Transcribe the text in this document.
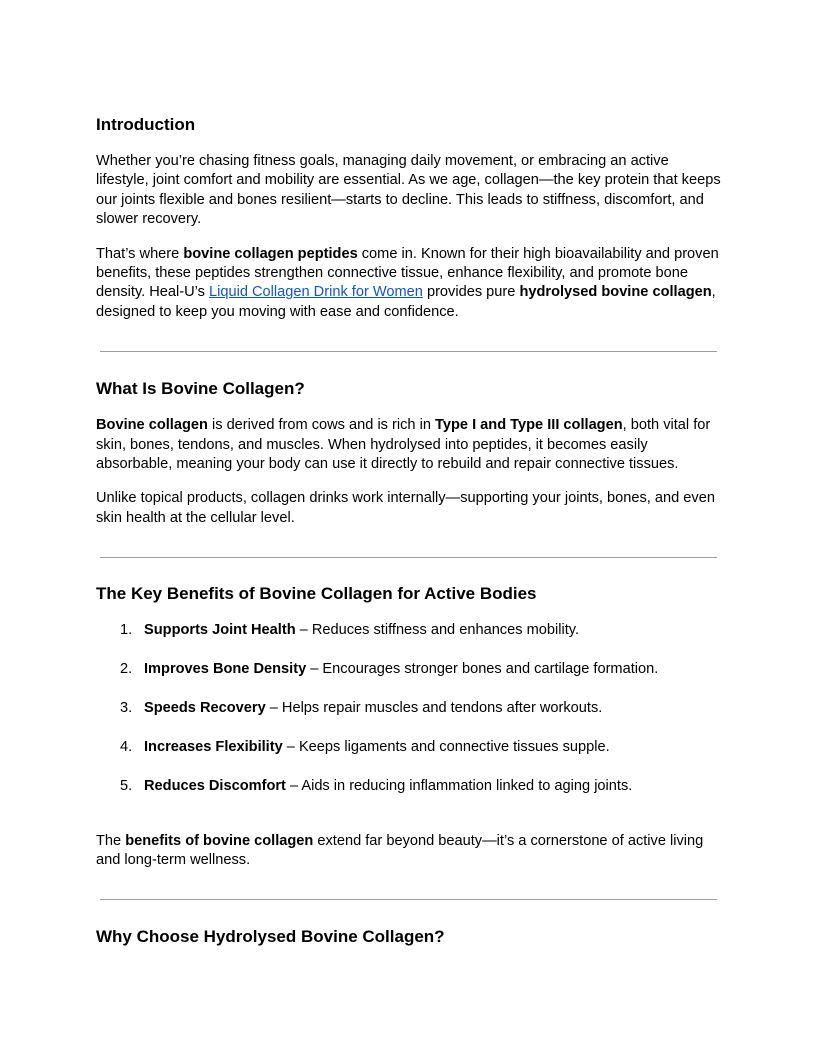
Introduction

Whether you’re chasing fitness goals, managing daily movement, or embracing an active lifestyle, joint comfort and mobility are essential. As we age, collagen—the key protein that keeps our joints flexible and bones resilient—starts to decline. This leads to stiffness, discomfort, and slower recovery.

That’s where bovine collagen peptides come in. Known for their high bioavailability and proven benefits, these peptides strengthen connective tissue, enhance flexibility, and promote bone density. Heal-U’s Liquid Collagen Drink for Women provides pure hydrolysed bovine collagen, designed to keep you moving with ease and confidence.

What Is Bovine Collagen?

Bovine collagen is derived from cows and is rich in Type I and Type III collagen, both vital for skin, bones, tendons, and muscles. When hydrolysed into peptides, it becomes easily absorbable, meaning your body can use it directly to rebuild and repair connective tissues.

Unlike topical products, collagen drinks work internally—supporting your joints, bones, and even skin health at the cellular level.

The Key Benefits of Bovine Collagen for Active Bodies
1. Supports Joint Health – Reduces stiffness and enhances mobility.
2. Improves Bone Density – Encourages stronger bones and cartilage formation.
3. Speeds Recovery – Helps repair muscles and tendons after workouts.
4. Increases Flexibility – Keeps ligaments and connective tissues supple.
5. Reduces Discomfort – Aids in reducing inflammation linked to aging joints.

The benefits of bovine collagen extend far beyond beauty—it’s a cornerstone of active living and long-term wellness.

Why Choose Hydrolysed Bovine Collagen?
